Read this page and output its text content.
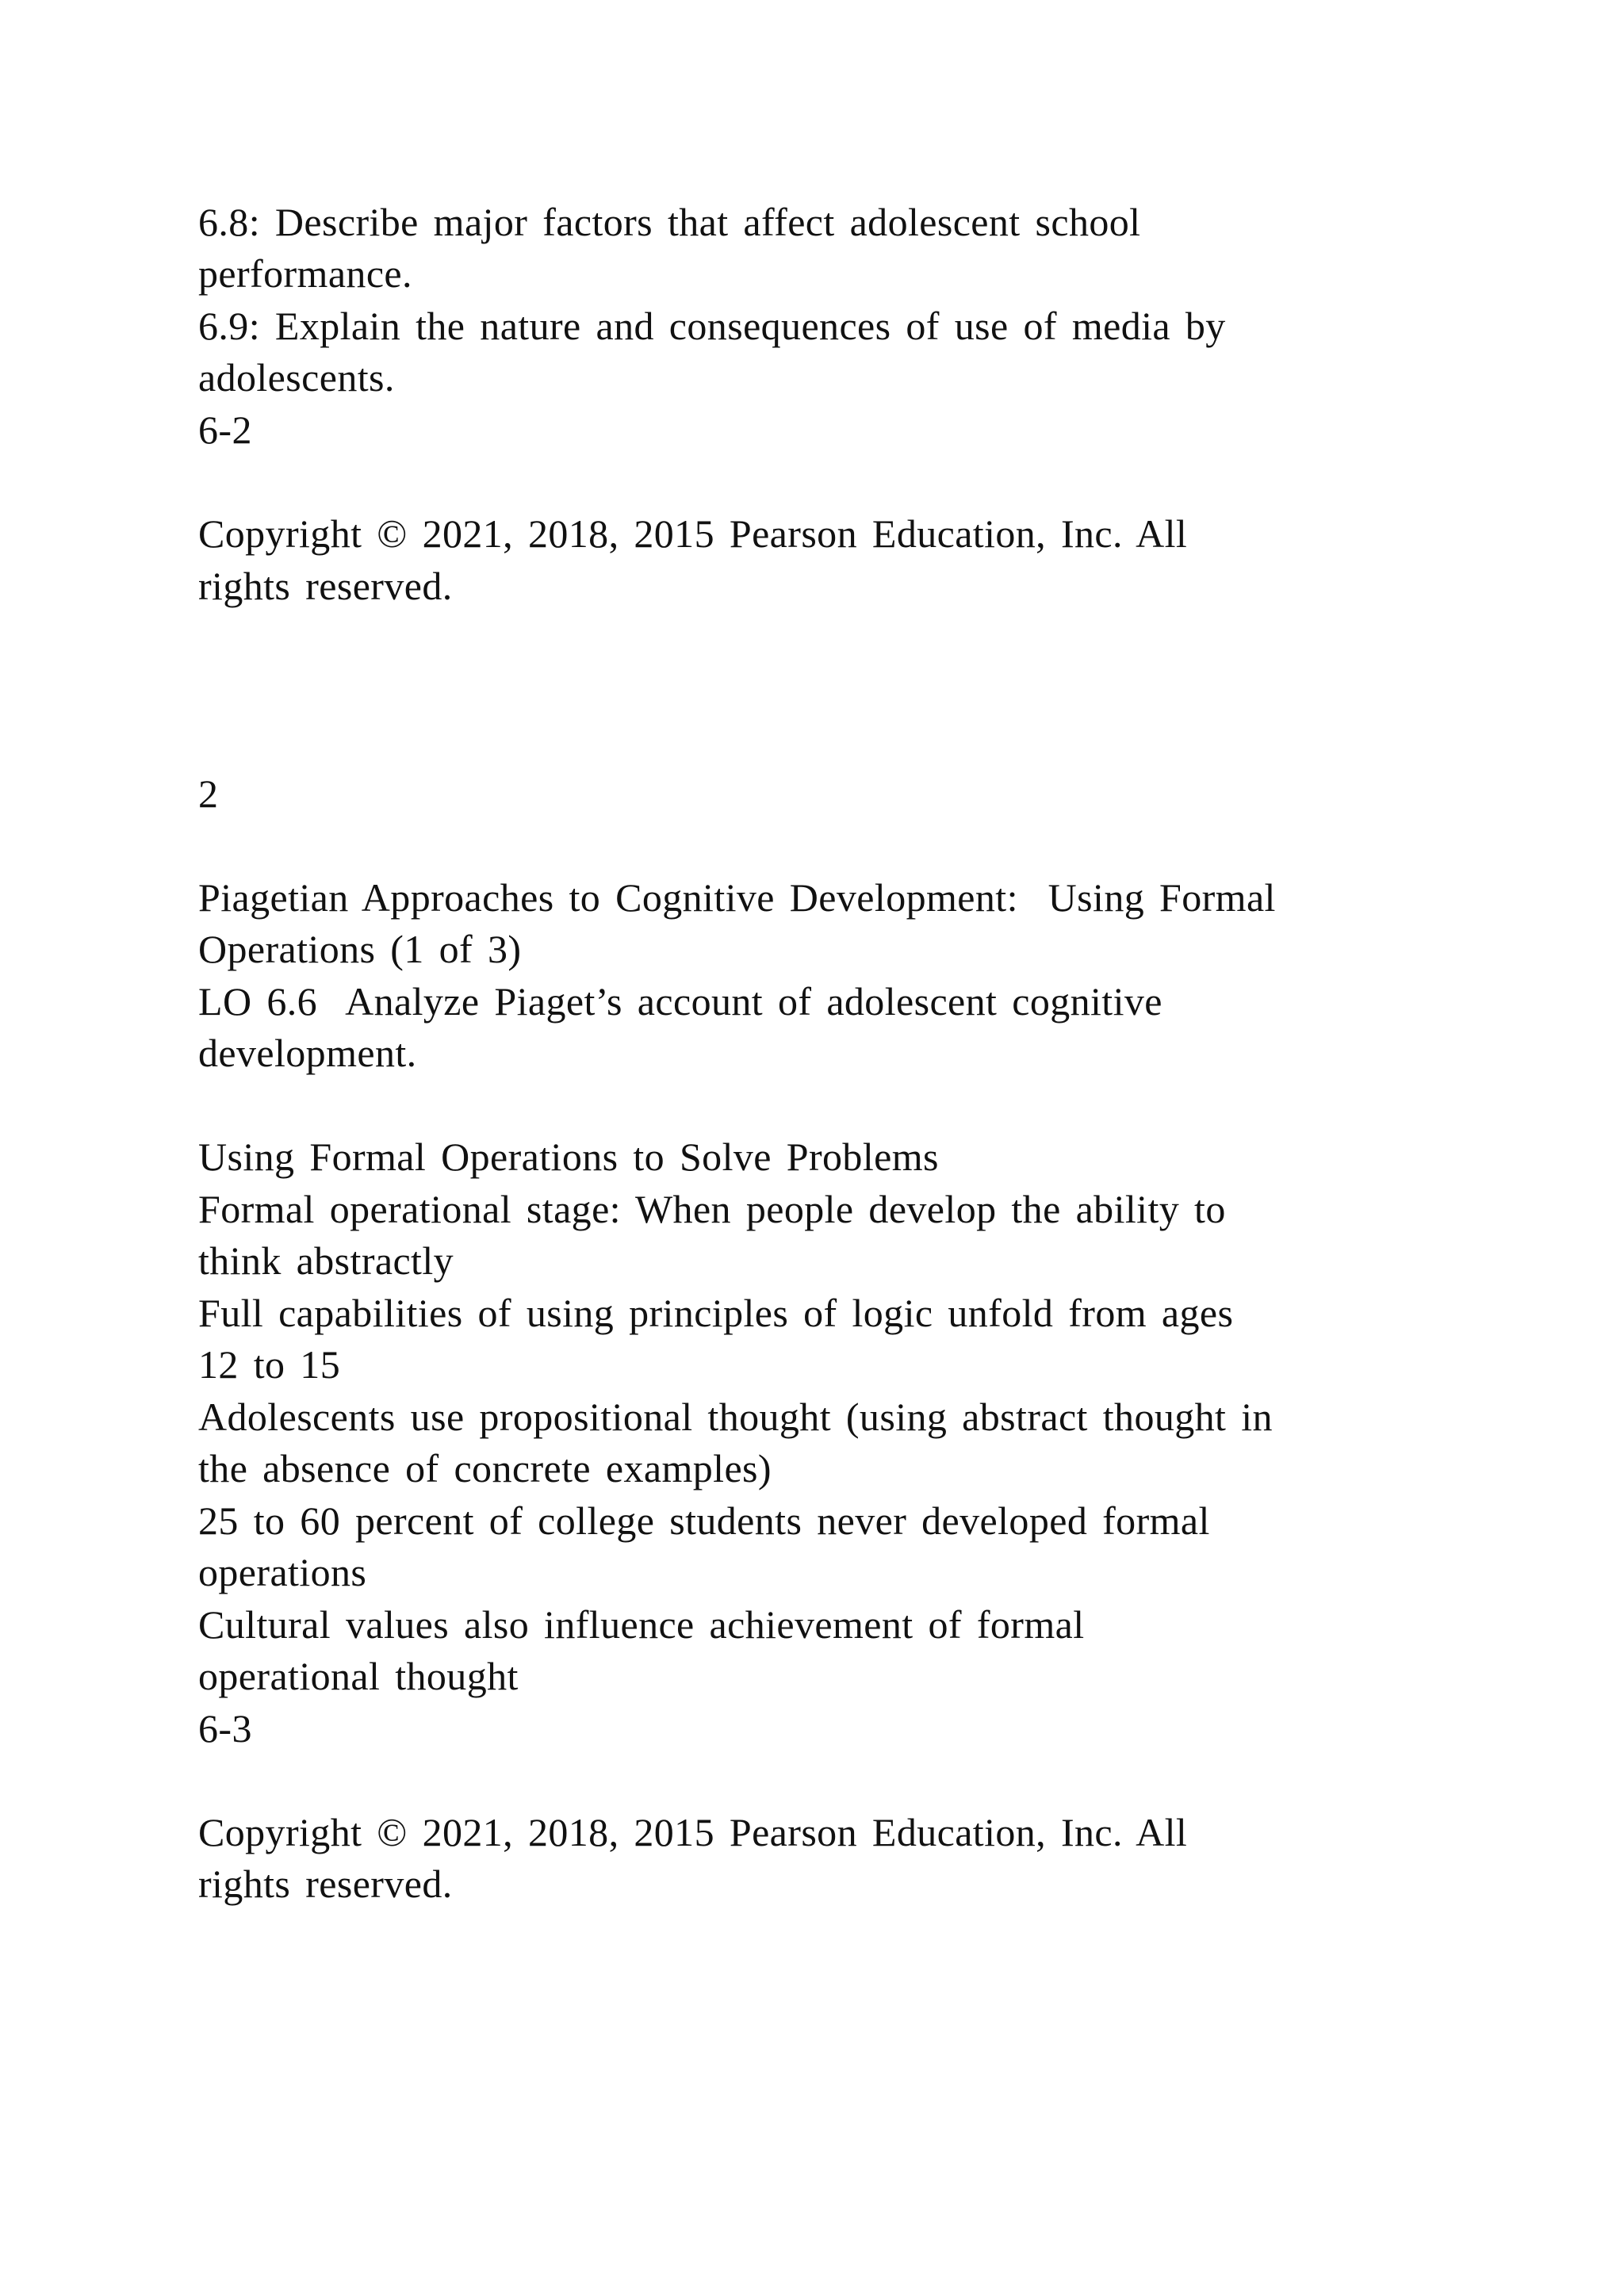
6.8: Describe major factors that affect adolescent school
performance.
6.9: Explain the nature and consequences of use of media by
adolescents.
6-2
Copyright © 2021, 2018, 2015 Pearson Education, Inc. All
rights reserved.
2
Piagetian Approaches to Cognitive Development:  Using Formal
Operations (1 of 3)
LO 6.6  Analyze Piaget’s account of adolescent cognitive
development.
Using Formal Operations to Solve Problems
Formal operational stage: When people develop the ability to
think abstractly
Full capabilities of using principles of logic unfold from ages
12 to 15
Adolescents use propositional thought (using abstract thought in
the absence of concrete examples)
25 to 60 percent of college students never developed formal
operations
Cultural values also influence achievement of formal
operational thought
6-3
Copyright © 2021, 2018, 2015 Pearson Education, Inc. All
rights reserved.
